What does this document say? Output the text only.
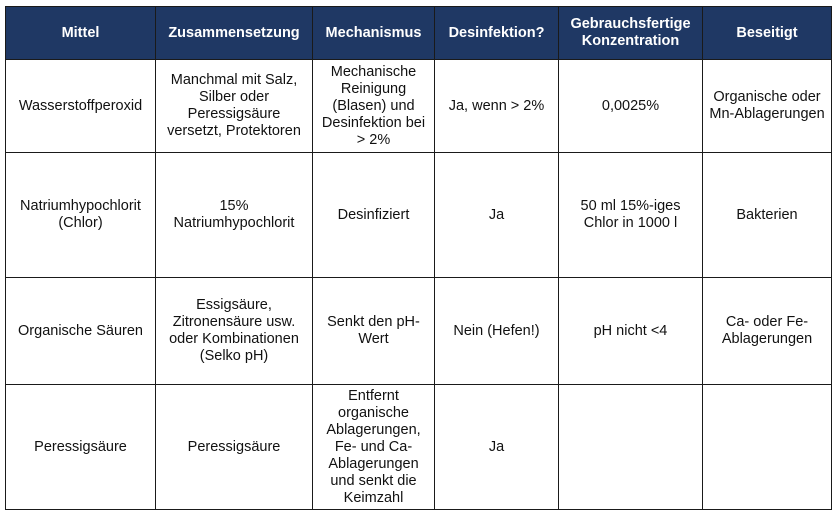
Mittel	Zusammensetzung	Mechanismus	Desinfektion?	Gebrauchsfertige Konzentration	Beseitigt
Wasserstoffperoxid	Manchmal mit Salz, Silber oder Peressigsäure versetzt, Protektoren	Mechanische Reinigung (Blasen) und Desinfektion bei > 2%	Ja, wenn > 2%	0,0025%	Organische oder Mn-Ablagerungen
Natriumhypochlorit (Chlor)	15% Natriumhypochlorit	Desinfiziert	Ja	50 ml 15%-iges Chlor in 1000 l	Bakterien
Organische Säuren	Essigsäure, Zitronensäure usw. oder Kombinationen (Selko pH)	Senkt den pH-Wert	Nein (Hefen!)	pH nicht <4	Ca- oder Fe-Ablagerungen
Peressigsäure	Peressigsäure	Entfernt organische Ablagerungen, Fe- und Ca-Ablagerungen und senkt die Keimzahl	Ja		
